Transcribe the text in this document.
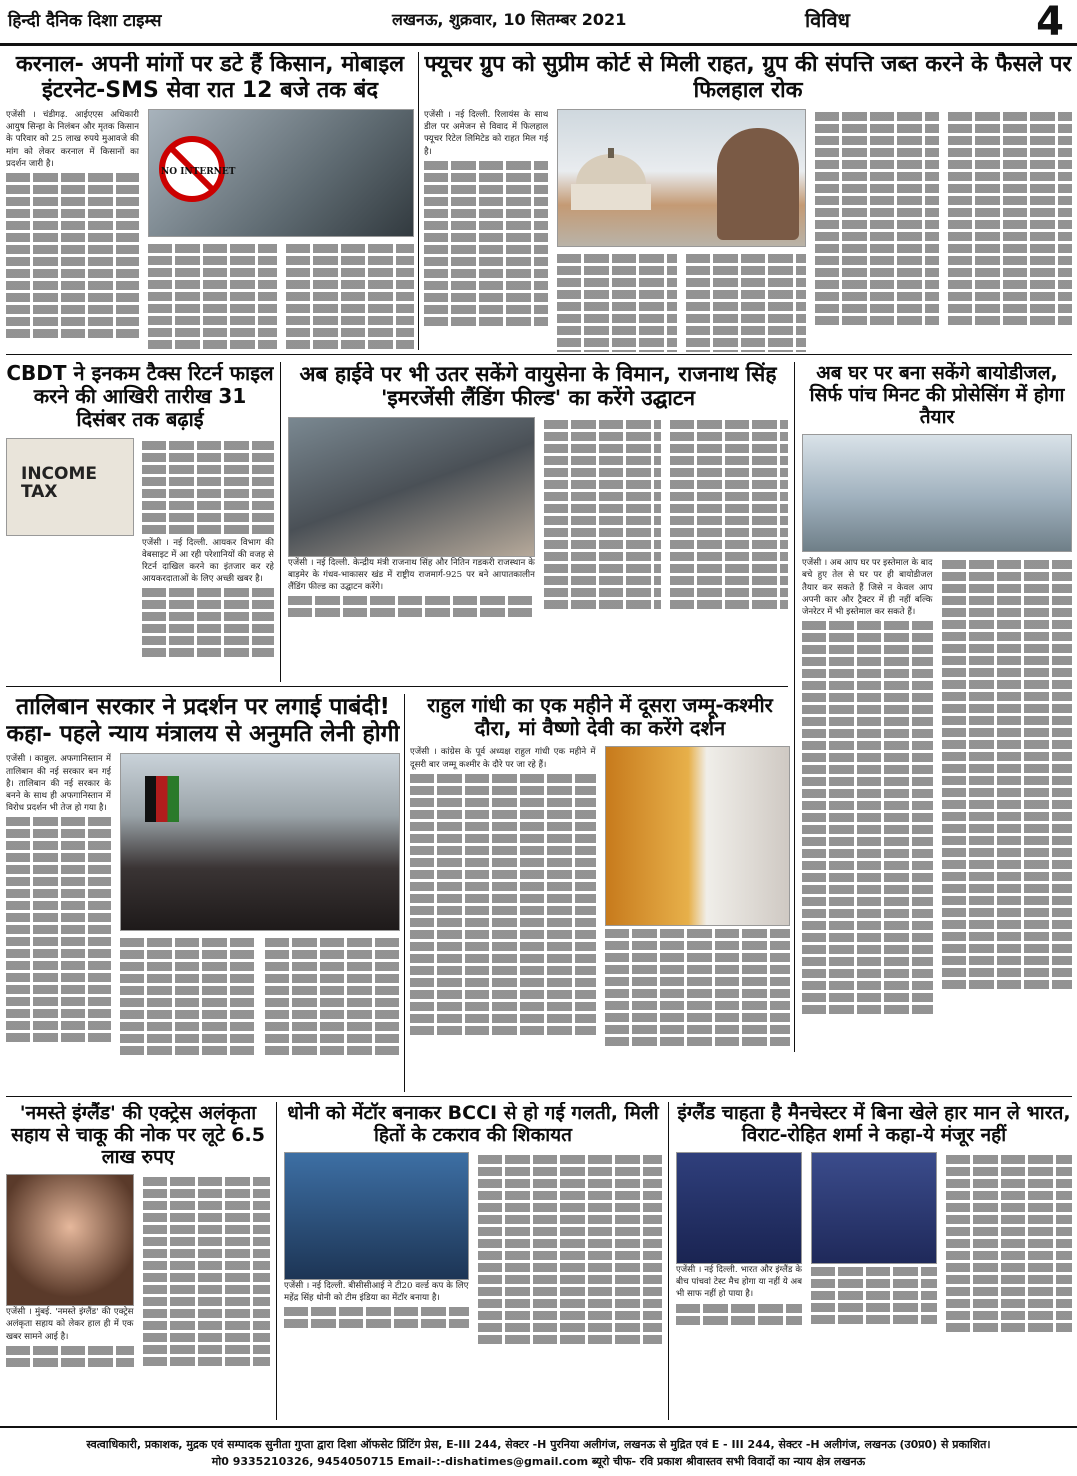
हिन्दी दैनिक दिशा टाइम्स	लखनऊ, शुक्रवार, 10 सितम्बर 2021	विविध	4
करनाल- अपनी मांगों पर डटे हैं किसान, मोबाइल इंटरनेट-SMS सेवा रात 12 बजे तक बंद
एजेंसी । चंडीगढ़. आईएएस अधिकारी आयुष सिन्हा के निलंबन और मृतक किसान के परिवार को 25 लाख रुपये मुआवजे की मांग को लेकर करनाल में किसानों का प्रदर्शन जारी है।
NO INTERNET
फ्यूचर ग्रुप को सुप्रीम कोर्ट से मिली राहत, ग्रुप की संपत्ति जब्त करने के फैसले पर फिलहाल रोक
एजेंसी । नई दिल्ली. रिलायंस के साथ डील पर अमेजन से विवाद में फिलहाल फ्यूचर रिटेल लिमिटेड को राहत मिल गई है।
CBDT ने इनकम टैक्स रिटर्न फाइल करने की आखिरी तारीख 31 दिसंबर तक बढ़ाई
INCOME TAX
एजेंसी । नई दिल्ली. आयकर विभाग की वेबसाइट में आ रही परेशानियों की वजह से रिटर्न दाखिल करने का इंतजार कर रहे आयकरदाताओं के लिए अच्छी खबर है।
अब हाईवे पर भी उतर सकेंगे वायुसेना के विमान, राजनाथ सिंह 'इमरजेंसी लैंडिंग फील्ड' का करेंगे उद्घाटन
एजेंसी । नई दिल्ली. केन्द्रीय मंत्री राजनाथ सिंह और नितिन गडकरी राजस्थान के बाड़मेर के गंधव-भाकासर खंड में राष्ट्रीय राजमार्ग-925 पर बने आपातकालीन लैंडिंग फील्ड का उद्घाटन करेंगे।
अब घर पर बना सकेंगे बायोडीजल, सिर्फ पांच मिनट की प्रोसेसिंग में होगा तैयार
एजेंसी । अब आप घर पर इस्तेमाल के बाद बचे हुए तेल से घर पर ही बायोडीजल तैयार कर सकते हैं जिसे न केवल आप अपनी कार और ट्रैक्टर में ही नहीं बल्कि जेनरेटर में भी इस्तेमाल कर सकते हैं।
तालिबान सरकार ने प्रदर्शन पर लगाई पाबंदी! कहा- पहले न्याय मंत्रालय से अनुमति लेनी होगी
एजेंसी । काबुल. अफगानिस्तान में तालिबान की नई सरकार बन गई है। तालिबान की नई सरकार के बनने के साथ ही अफगानिस्तान में विरोध प्रदर्शन भी तेज हो गया है।
राहुल गांधी का एक महीने में दूसरा जम्मू-कश्मीर दौरा, मां वैष्णो देवी का करेंगे दर्शन
एजेंसी । कांग्रेस के पूर्व अध्यक्ष राहुल गांधी एक महीने में दूसरी बार जम्मू कश्मीर के दौरे पर जा रहे हैं।
'नमस्ते इंग्लैंड' की एक्ट्रेस अलंकृता सहाय से चाकू की नोक पर लूटे 6.5 लाख रुपए
एजेंसी । मुंबई. 'नमस्ते इंग्लैंड' की एक्ट्रेस अलंकृता सहाय को लेकर हाल ही में एक खबर सामने आई है।
धोनी को मेंटॉर बनाकर BCCI से हो गई गलती, मिली हितों के टकराव की शिकायत
एजेंसी । नई दिल्ली. बीसीसीआई ने टी20 वर्ल्ड कप के लिए महेंद्र सिंह धोनी को टीम इंडिया का मेंटॉर बनाया है।
इंग्लैंड चाहता है मैनचेस्टर में बिना खेले हार मान ले भारत, विराट-रोहित शर्मा ने कहा-ये मंजूर नहीं
एजेंसी । नई दिल्ली. भारत और इंग्लैंड के बीच पांचवां टेस्ट मैच होगा या नहीं ये अब भी साफ नहीं हो पाया है।
स्वत्वाधिकारी, प्रकाशक, मुद्रक एवं सम्पादक सुनीता गुप्ता द्वारा दिशा ऑफसेट प्रिंटिंग प्रेस, E-III 244, सेक्टर -H पुरनिया अलीगंज, लखनऊ से मुद्रित एवं E - III 244, सेक्टर -H अलीगंज, लखनऊ (उ0प्र0) से प्रकाशित।
मो0 9335210326, 9454050715 Email-:-dishatimes@gmail.com ब्यूरो चीफ- रवि प्रकाश श्रीवास्तव सभी विवादों का न्याय क्षेत्र लखनऊ
